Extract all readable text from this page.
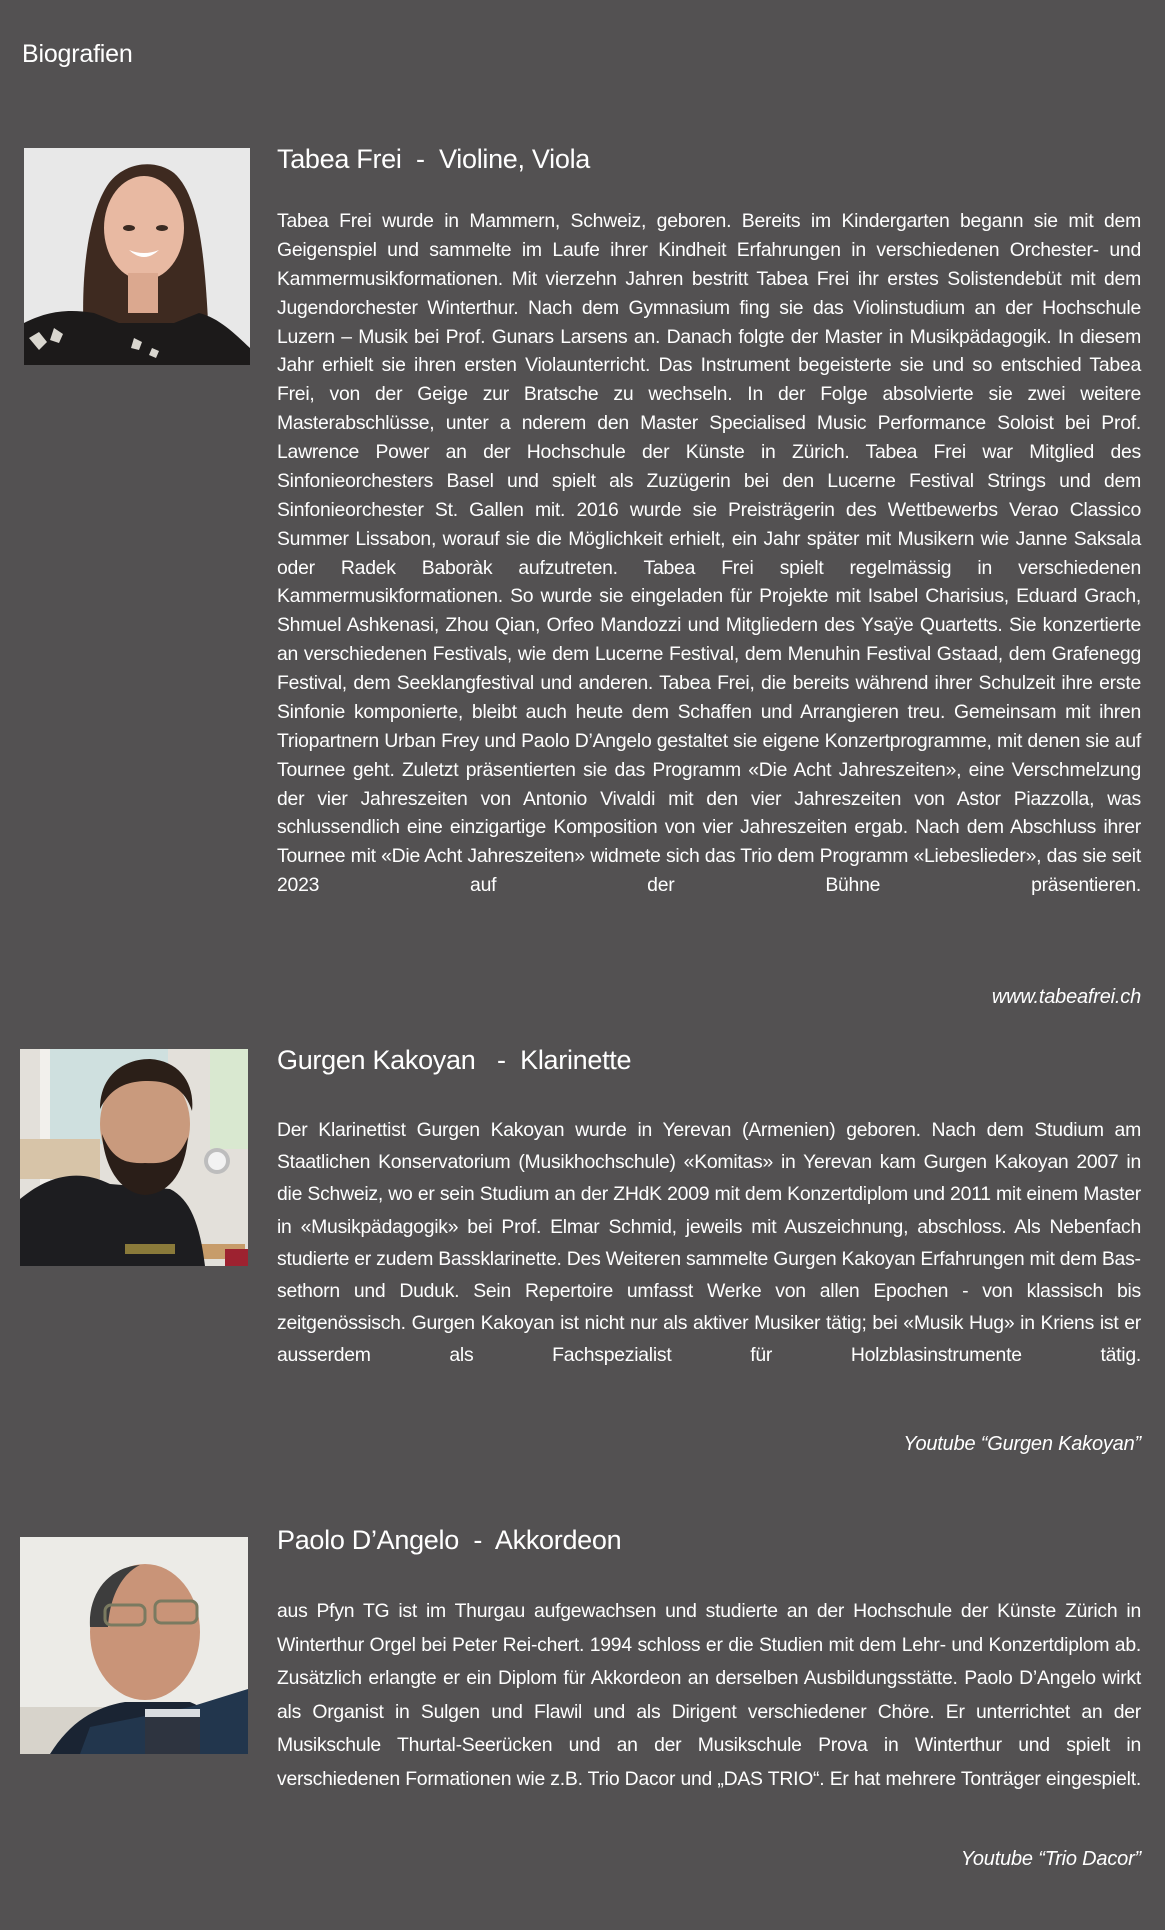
Biografien
Tabea Frei  -  Violine, Viola

Tabea Frei wurde in Mammern, Schweiz, geboren. Bereits im Kindergarten begann sie mit dem Geigenspiel und sammelte im Laufe ihrer Kindheit Erfahrungen in verschiedenen Orchester- und Kammermusikformationen. Mit vierzehn Jahren bestritt Tabea Frei ihr erstes Solistendebüt mit dem Jugendorchester Winterthur. Nach dem Gymnasium fing sie das Violinstudium an der Hochschule Luzern – Musik bei Prof. Gunars Larsens an. Danach folgte der Master in Musikpädagogik. In diesem Jahr erhielt sie ihren ersten Violaunterricht. Das Instrument begeisterte sie und so entschied Tabea Frei, von der Geige zur Bratsche zu wechseln. In der Folge absolvierte sie zwei weitere Masterabschlüsse, unter a nderem den Master Specialised Music Performance Soloist bei Prof. Lawrence Power an der Hochschule der Künste in Zürich. Tabea Frei war Mitglied des Sinfonieorchesters Basel und spielt als Zuzügerin bei den Lucerne Festival Strings und dem Sinfonieorchester St. Gallen mit. 2016 wurde sie Preisträgerin des Wettbewerbs Verao Classico Summer Lissabon, worauf sie die Möglichkeit erhielt, ein Jahr später mit Musikern wie Janne Saksala oder Radek Baboràk aufzutreten. Tabea Frei spielt regelmässig in verschiedenen Kammermusikformationen. So wurde sie eingeladen für Projekte mit Isabel Charisius, Eduard Grach, Shmuel Ashkenasi, Zhou Qian, Orfeo Mandozzi und Mitgliedern des Ysaÿe Quartetts. Sie konzertierte an verschiedenen Festivals, wie dem Lucerne Festival, dem Menuhin Festival Gstaad, dem Grafenegg Festival, dem Seeklangfestival und anderen. Tabea Frei, die bereits während ihrer Schulzeit ihre erste Sinfonie komponierte, bleibt auch heute dem Schaffen und Arrangieren treu. Gemeinsam mit ihren Triopartnern Urban Frey und Paolo D’Angelo gestaltet sie eigene Konzertprogramme, mit denen sie auf Tournee geht. Zuletzt präsentierten sie das Programm «Die Acht Jahreszeiten», eine Verschmelzung der vier Jahreszeiten von Antonio Vivaldi mit den vier Jahreszeiten von Astor Piazzolla, was schlussendlich eine einzigartige Komposition von vier Jahreszeiten ergab. Nach dem Abschluss ihrer Tournee mit «Die Acht Jahreszeiten» widmete sich das Trio dem Programm «Liebeslieder», das sie seit 2023 auf der Bühne präsentieren.

www.tabeafrei.ch
Gurgen Kakoyan   -  Klarinette

Der Klarinettist Gurgen Kakoyan wurde in Yerevan (Armenien) geboren. Nach dem Studium am Staatlichen Konservatorium (Musikhochschule) «Komitas» in Yerevan kam Gurgen Kakoyan 2007 in die Schweiz, wo er sein Studium an der ZHdK 2009 mit dem Konzertdiplom und 2011 mit einem Master in «Musikpädagogik» bei Prof. Elmar Schmid, jeweils mit Auszeichnung, abschloss. Als Nebenfach studierte er zudem Bassklarinette. Des Weiteren sammelte Gurgen Kakoyan Erfahrungen mit dem Bassethorn und Duduk. Sein Repertoire umfasst Werke von allen Epochen - von klassisch bis zeitgenössisch. Gurgen Kakoyan ist nicht nur als aktiver Musiker tätig; bei «Musik Hug» in Kriens ist er ausserdem als Fachspezialist für Holzblasinstrumente tätig.

Youtube “Gurgen Kakoyan”
Paolo D’Angelo  -  Akkordeon

aus Pfyn TG ist im Thurgau aufgewachsen und studierte an der Hochschule der Künste Zürich in Winterthur Orgel bei Peter Rei-chert. 1994 schloss er die Studien mit dem Lehr- und Konzertdiplom ab. Zusätzlich erlangte er ein Diplom für Akkordeon an derselben Ausbildungsstätte. Paolo D’Angelo wirkt als Organist in Sulgen und Flawil und als Dirigent verschiedener Chöre. Er unterrichtet an der Musikschule Thurtal-Seerücken und an der Musikschule Prova in Winterthur und spielt in verschiedenen Formationen wie z.B. Trio Dacor und „DAS TRIO“. Er hat mehrere Tonträger eingespielt.

Youtube “Trio Dacor”
